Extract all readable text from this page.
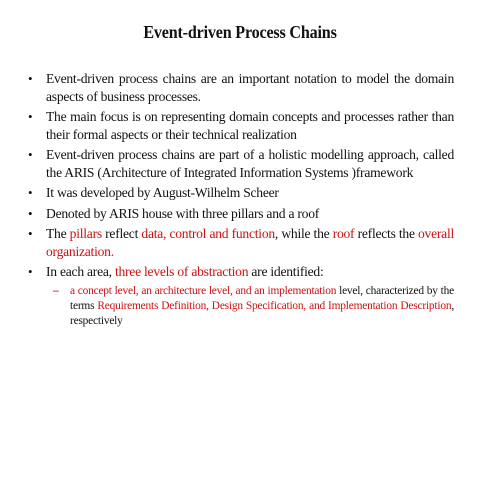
Event-driven Process Chains
• Event-driven process chains are an important notation to model the domain aspects of business processes.
• The main focus is on representing domain concepts and processes rather than their formal aspects or their technical realization
• Event-driven process chains are part of a holistic modelling approach, called the ARIS (Architecture of Integrated Information Systems )framework
• It was developed by August-Wilhelm Scheer
• Denoted by ARIS house with three pillars and a roof
• The pillars reflect data, control and function, while the roof reflects the overall organization.
• In each area, three levels of abstraction are identified:
– a concept level, an architecture level, and an implementation level, characterized by the terms Requirements Definition, Design Specification, and Implementation Description, respectively
